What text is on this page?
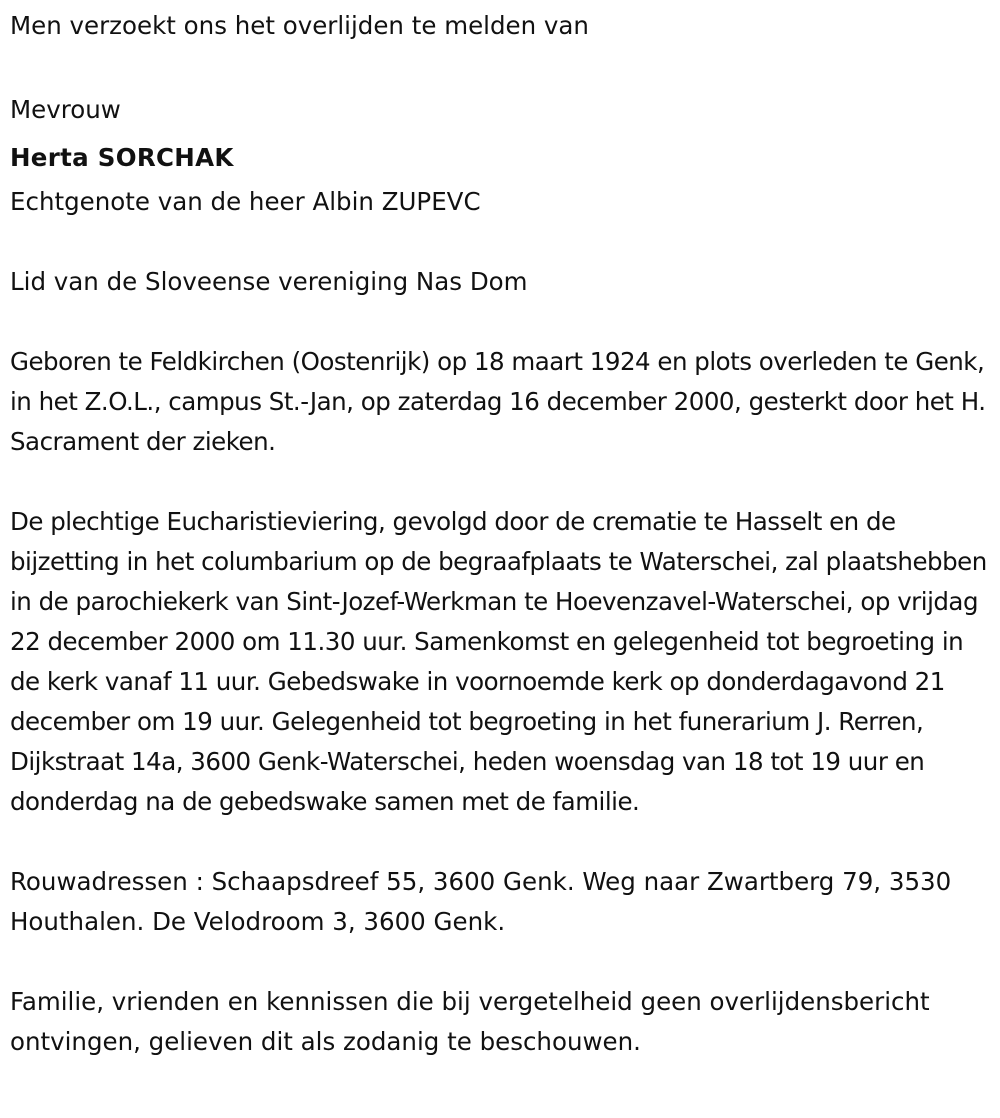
Men verzoekt ons het overlijden te melden van

Mevrouw

Herta SORCHAK

Echtgenote van de heer Albin ZUPEVC

Lid van de Sloveense vereniging Nas Dom

Geboren te Feldkirchen (Oostenrijk) op 18 maart 1924 en plots overleden te Genk, in het Z.O.L., campus St.-Jan, op zaterdag 16 december 2000, gesterkt door het H. Sacrament der zieken.

De plechtige Eucharistieviering, gevolgd door de crematie te Hasselt en de bijzetting in het columbarium op de begraafplaats te Waterschei, zal plaatshebben in de parochiekerk van Sint-Jozef-Werkman te Hoevenzavel-Waterschei, op vrijdag 22 december 2000 om 11.30 uur. Samenkomst en gelegenheid tot begroeting in de kerk vanaf 11 uur. Gebedswake in voornoemde kerk op donderdagavond 21 december om 19 uur. Gelegenheid tot begroeting in het funerarium J. Rerren, Dijkstraat 14a, 3600 Genk-Waterschei, heden woensdag van 18 tot 19 uur en donderdag na de gebedswake samen met de familie.

Rouwadressen : Schaapsdreef 55, 3600 Genk. Weg naar Zwartberg 79, 3530 Houthalen. De Velodroom 3, 3600 Genk.

Familie, vrienden en kennissen die bij vergetelheid geen overlijdensbericht ontvingen, gelieven dit als zodanig te beschouwen.
